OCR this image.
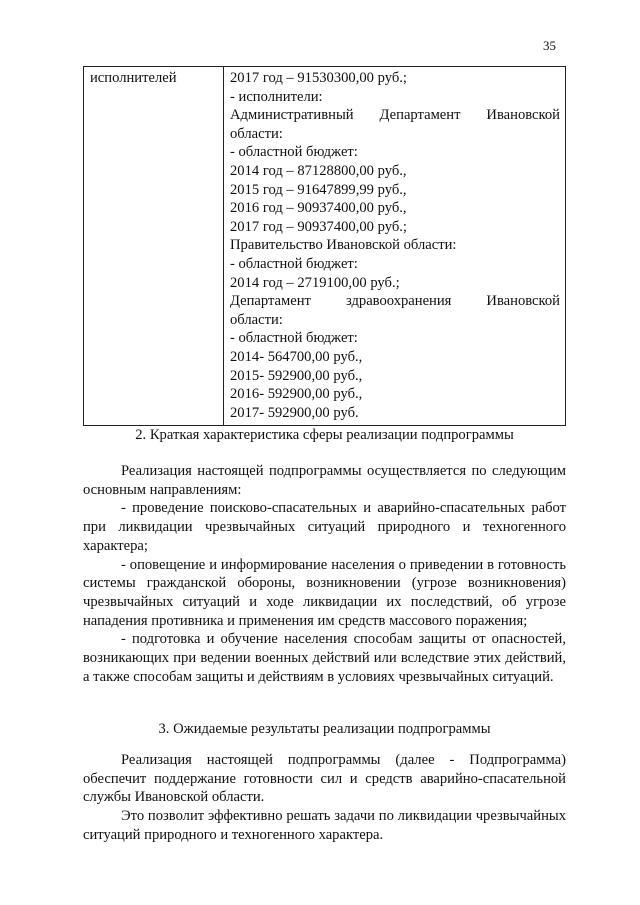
35
исполнителей	2017 год – 91530300,00 руб.;
- исполнители:
Административный Департамент Ивановской
области:
- областной бюджет:
2014 год – 87128800,00 руб.,
2015 год – 91647899,99 руб.,
2016 год – 90937400,00 руб.,
2017 год – 90937400,00 руб.;
Правительство Ивановской области:
- областной бюджет:
2014 год – 2719100,00 руб.;
Департамент здравоохранения Ивановской
области:
- областной бюджет:
2014- 564700,00 руб.,
2015- 592900,00 руб.,
2016- 592900,00 руб.,
2017- 592900,00 руб.
2. Краткая характеристика сферы реализации подпрограммы

Реализация настоящей подпрограммы осуществляется по следующим основным направлениям:

- проведение поисково-спасательных и аварийно-спасательных работ при ликвидации чрезвычайных ситуаций природного и техногенного характера;

- оповещение и информирование населения о приведении в готовность системы гражданской обороны, возникновении (угрозе возникновения) чрезвычайных ситуаций и ходе ликвидации их последствий, об угрозе нападения противника и применения им средств массового поражения;

- подготовка и обучение населения способам защиты от опасностей, возникающих при ведении военных действий или вследствие этих действий, а также способам защиты и действиям в условиях чрезвычайных ситуаций.

3. Ожидаемые результаты реализации подпрограммы

Реализация настоящей подпрограммы (далее - Подпрограмма) обеспечит поддержание готовности сил и средств аварийно-спасательной службы Ивановской области.

Это позволит эффективно решать задачи по ликвидации чрезвычайных ситуаций природного и техногенного характера.
